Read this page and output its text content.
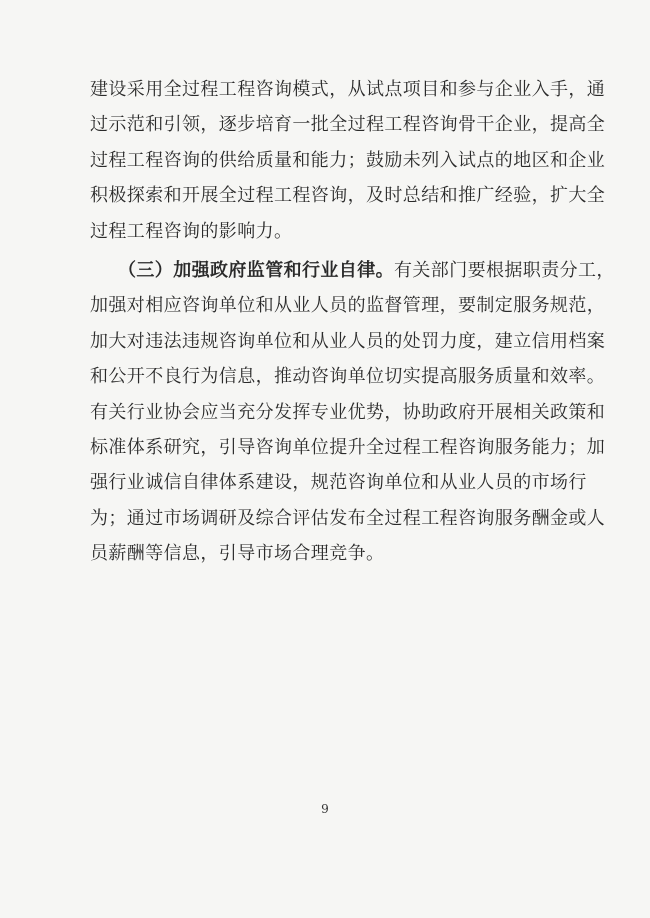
建设采用全过程工程咨询模式，从试点项目和参与企业入手，通
过示范和引领，逐步培育一批全过程工程咨询骨干企业，提高全
过程工程咨询的供给质量和能力；鼓励未列入试点的地区和企业
积极探索和开展全过程工程咨询，及时总结和推广经验，扩大全
过程工程咨询的影响力。
（三）加强政府监管和行业自律。有关部门要根据职责分工，
加强对相应咨询单位和从业人员的监督管理，要制定服务规范，
加大对违法违规咨询单位和从业人员的处罚力度，建立信用档案
和公开不良行为信息，推动咨询单位切实提高服务质量和效率。
有关行业协会应当充分发挥专业优势，协助政府开展相关政策和
标准体系研究，引导咨询单位提升全过程工程咨询服务能力；加
强行业诚信自律体系建设，规范咨询单位和从业人员的市场行
为；通过市场调研及综合评估发布全过程工程咨询服务酬金或人
员薪酬等信息，引导市场合理竞争。
9
